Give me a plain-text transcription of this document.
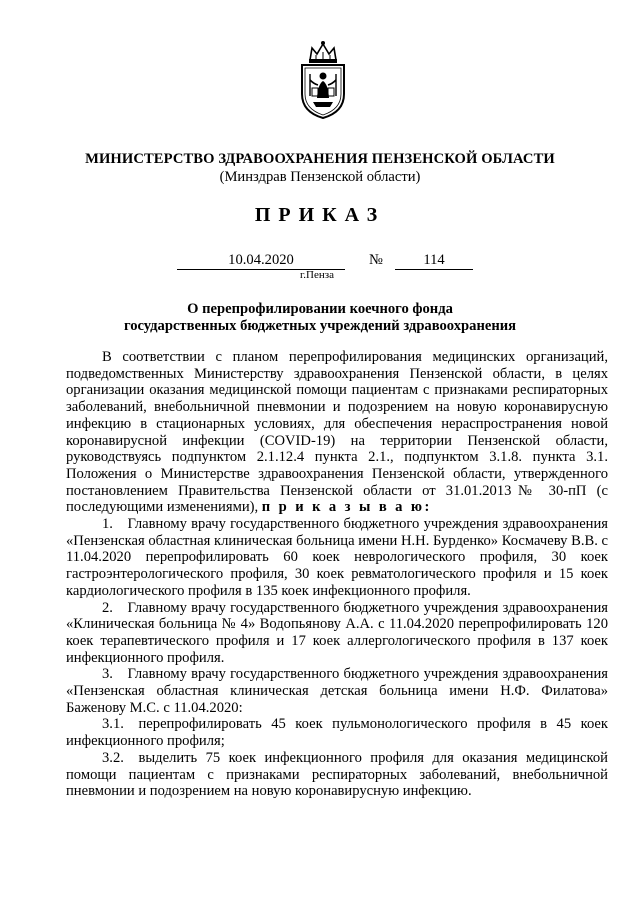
МИНИСТЕРСТВО ЗДРАВООХРАНЕНИЯ ПЕНЗЕНСКОЙ ОБЛАСТИ
(Минздрав Пензенской области)
ПРИКАЗ
10.04.2020	№	114
г.Пенза
О перепрофилировании коечного фонда
государственных бюджетных учреждений здравоохранения

В соответствии с планом перепрофилирования медицинских организаций, подведомственных Министерству здравоохранения Пензенской области, в целях организации оказания медицинской помощи пациентам с признаками респираторных заболеваний, внебольничной пневмонии и подозрением на новую коронавирусную инфекцию в стационарных условиях, для обеспечения нераспространения новой коронавирусной инфекции (COVID-19) на территории Пензенской области, руководствуясь подпунктом 2.1.12.4 пункта 2.1., подпунктом 3.1.8. пункта 3.1. Положения о Министерстве здравоохранения Пензенской области, утвержденного постановлением Правительства Пензенской области от 31.01.2013№ 30-пП (с последующими изменениями), п р и к а з ы в а ю:

1. Главному врачу государственного бюджетного учреждения здравоохранения «Пензенская областная клиническая больница имени Н.Н. Бурденко» Космачеву В.В. с 11.04.2020 перепрофилировать 60 коек неврологического профиля, 30 коек гастроэнтерологического профиля, 30 коек ревматологического профиля и 15 коек кардиологического профиля в 135 коек инфекционного профиля.

2. Главному врачу государственного бюджетного учреждения здравоохранения «Клиническая больница № 4» Водопьянову А.А. с 11.04.2020 перепрофилировать 120 коек терапевтического профиля и 17 коек аллергологического профиля в 137 коек инфекционного профиля.

3. Главному врачу государственного бюджетного учреждения здравоохранения «Пензенская областная клиническая детская больница имени Н.Ф. Филатова» Баженову М.С. с 11.04.2020:

3.1. перепрофилировать 45 коек пульмонологического профиля в 45 коек инфекционного профиля;

3.2. выделить 75 коек инфекционного профиля для оказания медицинской помощи пациентам с признаками респираторных заболеваний, внебольничной пневмонии и подозрением на новую коронавирусную инфекцию.
